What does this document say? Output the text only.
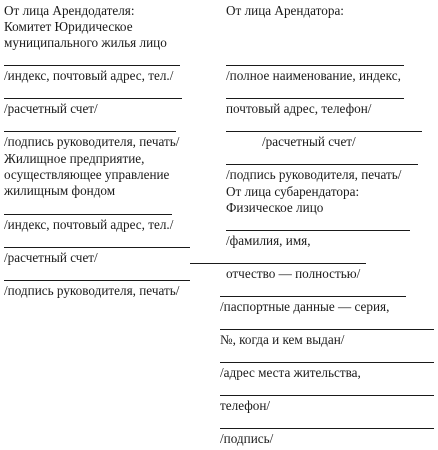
От лица Арендодателя:
Комитет Юридическое
муниципального жилья лицо
/индекс, почтовый адрес, тел./
/расчетный счет/
/подпись руководителя, печать/
Жилищное предприятие,
осуществляющее управление
жилищным фондом
/индекс, почтовый адрес, тел./
/расчетный счет/
/подпись руководителя, печать/
От лица Арендатора:
/полное наименование, индекс,
почтовый адрес, телефон/
/расчетный счет/
/подпись руководителя, печать/
От лица субарендатора:
Физическое лицо
/фамилия, имя,
отчество — полностью/
/паспортные данные — серия,
№, когда и кем выдан/
/адрес места жительства,
телефон/
/подпись/
